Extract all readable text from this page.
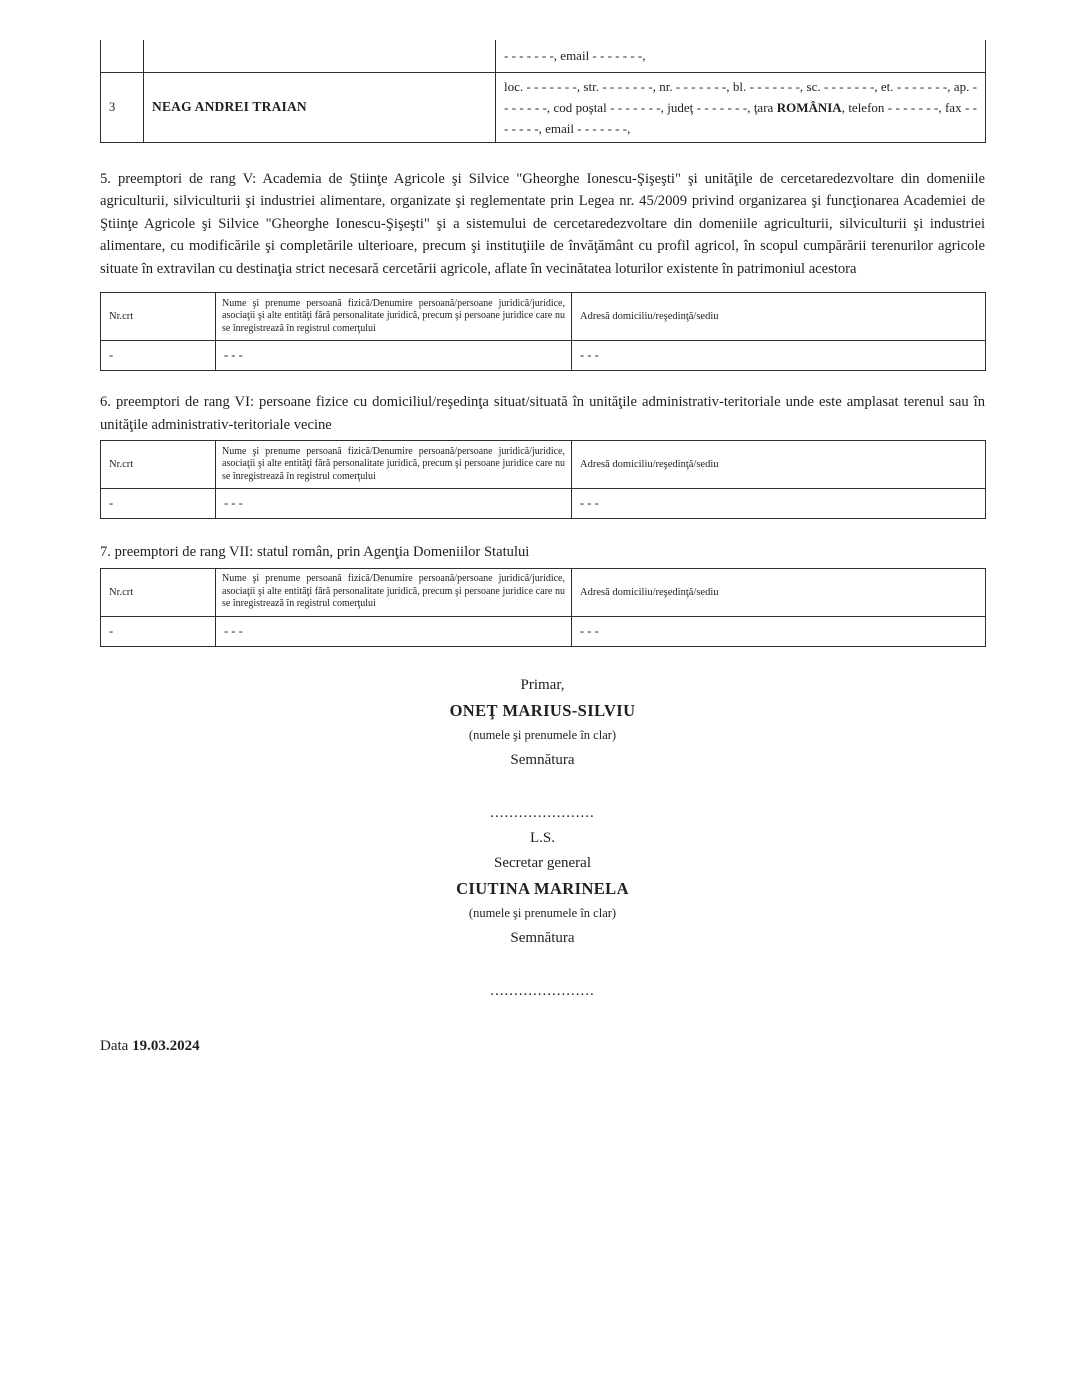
		- - - - - - -, email - - - - - - -,
3	NEAG ANDREI TRAIAN	loc. - - - - - - -, str. - - - - - - -, nr. - - - - - - -, bl. - - - - - - -, sc. - - - - - - -, et. - - - - - - -, ap. - - - - - - -, cod poştal - - - - - - -, judeţ - - - - - - -, ţara ROMÂNIA, telefon - - - - - - -, fax - - - - - - -, email - - - - - - -,

5. preemptori de rang V: Academia de Ştiinţe Agricole şi Silvice "Gheorghe Ionescu-Şişeşti" şi unităţile de cercetaredezvoltare din domeniile agriculturii, silviculturii şi industriei alimentare, organizate şi reglementate prin Legea nr. 45/2009 privind organizarea şi funcţionarea Academiei de Ştiinţe Agricole şi Silvice "Gheorghe Ionescu-Şişeşti" şi a sistemului de cercetaredezvoltare din domeniile agriculturii, silviculturii şi industriei alimentare, cu modificările şi completările ulterioare, precum şi instituţiile de învăţământ cu profil agricol, în scopul cumpărării terenurilor agricole situate în extravilan cu destinaţia strict necesară cercetării agricole, aflate în vecinătatea loturilor existente în patrimoniul acestora

Nr.crt	Nume şi prenume persoană fizică/Denumire persoană/persoane juridică/juridice, asociaţii şi alte entităţi fără personalitate juridică, precum şi persoane juridice care nu se înregistrează în registrul comerţului	Adresă domiciliu/reşedinţă/sediu
-	- - -	- - -

6. preemptori de rang VI: persoane fizice cu domiciliul/reşedinţa situat/situată în unităţile administrativ-teritoriale unde este amplasat terenul sau în unităţile administrativ-teritoriale vecine

Nr.crt	Nume şi prenume persoană fizică/Denumire persoană/persoane juridică/juridice, asociaţii şi alte entităţi fără personalitate juridică, precum şi persoane juridice care nu se înregistrează în registrul comerţului	Adresă domiciliu/reşedinţă/sediu
-	- - -	- - -

7. preemptori de rang VII: statul român, prin Agenţia Domeniilor Statului

Nr.crt	Nume şi prenume persoană fizică/Denumire persoană/persoane juridică/juridice, asociaţii şi alte entităţi fără personalitate juridică, precum şi persoane juridice care nu se înregistrează în registrul comerţului	Adresă domiciliu/reşedinţă/sediu
-	- - -	- - -
Primar,
ONEŢ MARIUS-SILVIU
(numele şi prenumele în clar)
Semnătura
......................
L.S.
Secretar general
CIUTINA MARINELA
(numele şi prenumele în clar)
Semnătura
......................
Data 19.03.2024
